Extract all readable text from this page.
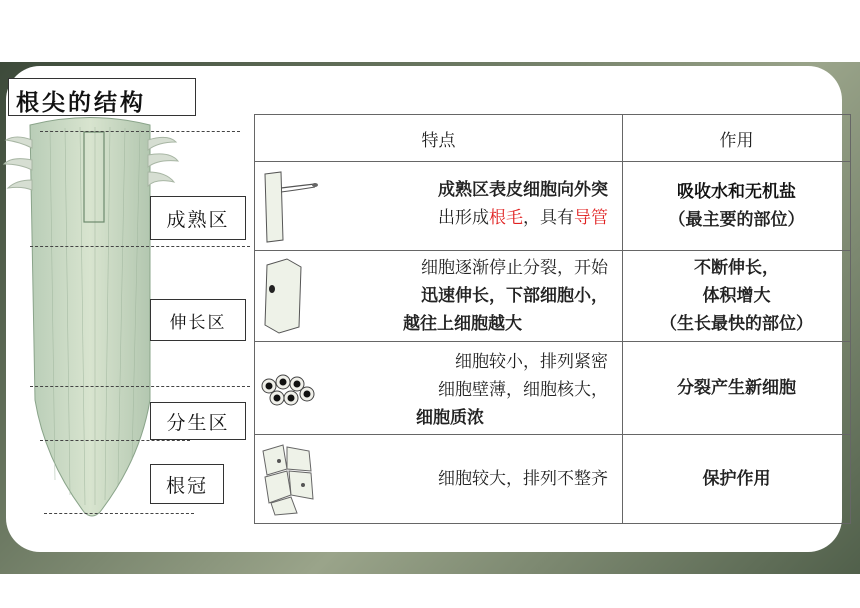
根尖的结构
成熟区
伸长区
分生区
根冠
特点	作用

成熟区表皮细胞向外突
出形成根毛，具有导管	吸收水和无机盐
（最主要的部位）

细胞逐渐停止分裂，开始
迅速伸长，下部细胞小，
越往上细胞越大	不断伸长，
体积增大
（生长最快的部位）

细胞较小，排列紧密
细胞壁薄，细胞核大，
细胞质浓	分裂产生新细胞

细胞较大，排列不整齐	保护作用
